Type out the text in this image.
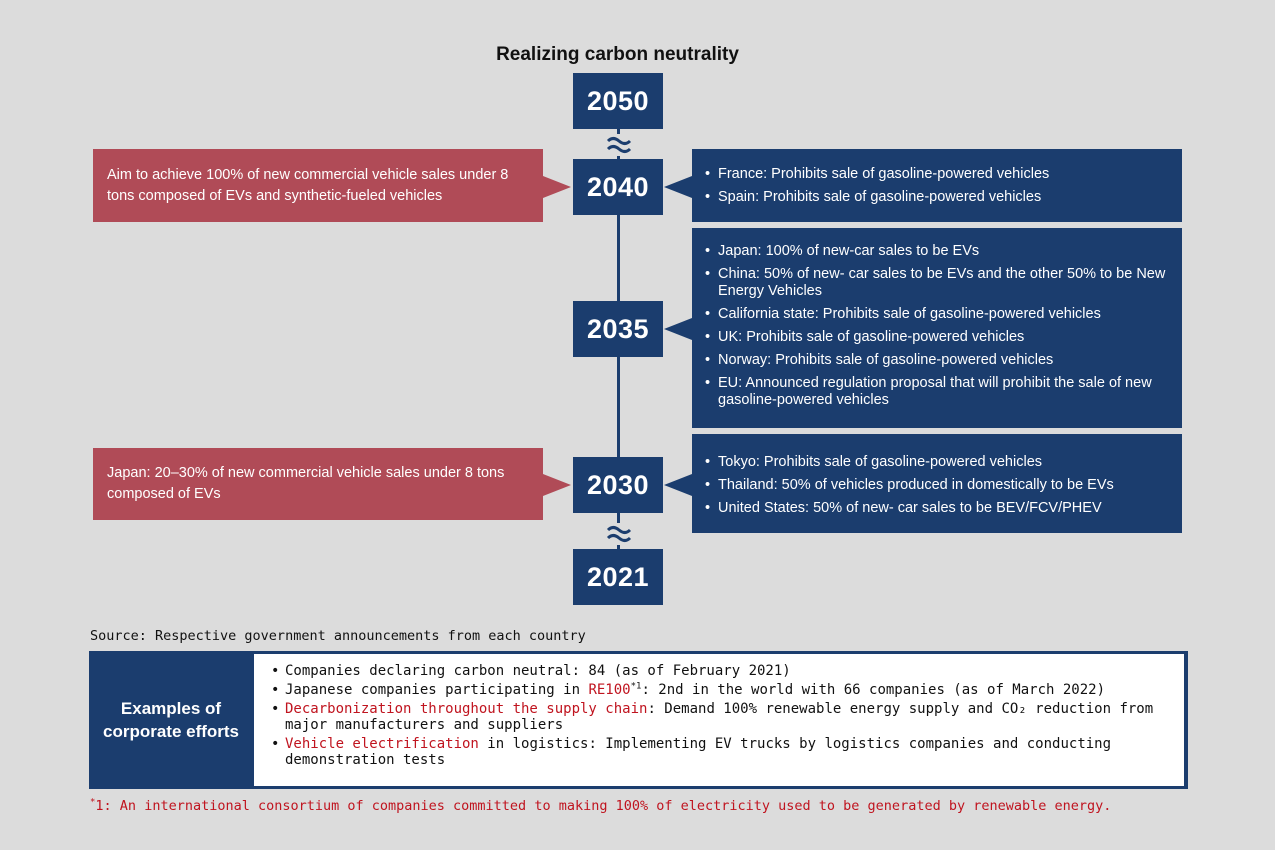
Realizing carbon neutrality
2050
2040
2035
2030
2021
• France: Prohibits sale of gasoline-powered vehicles
• Spain: Prohibits sale of gasoline-powered vehicles
• Japan: 100% of new-car sales to be EVs
• China: 50% of new- car sales to be EVs and the other 50% to be New Energy Vehicles
• California state: Prohibits sale of gasoline-powered vehicles
• UK: Prohibits sale of gasoline-powered vehicles
• Norway: Prohibits sale of gasoline-powered vehicles
• EU: Announced regulation proposal that will prohibit the sale of new gasoline-powered vehicles
• Tokyo: Prohibits sale of gasoline-powered vehicles
• Thailand: 50% of vehicles produced in domestically to be EVs
• United States: 50% of new- car sales to be BEV/FCV/PHEV
Aim to achieve 100% of new commercial vehicle sales under 8 tons composed of EVs and synthetic-fueled vehicles
Japan: 20–30% of new commercial vehicle sales under 8 tons composed of EVs
Source: Respective government announcements from each country
Examples of corporate efforts
• Companies declaring carbon neutral: 84 (as of February 2021)
• Japanese companies participating in RE100$^{*1}$: 2nd in the world with 66 companies (as of March 2022)
• Decarbonization throughout the supply chain: Demand 100% renewable energy supply and CO₂ reduction from major manufacturers and suppliers
• Vehicle electrification in logistics: Implementing EV trucks by logistics companies and conducting demonstration tests
*1: An international consortium of companies committed to making 100% of electricity used to be generated by renewable energy.
